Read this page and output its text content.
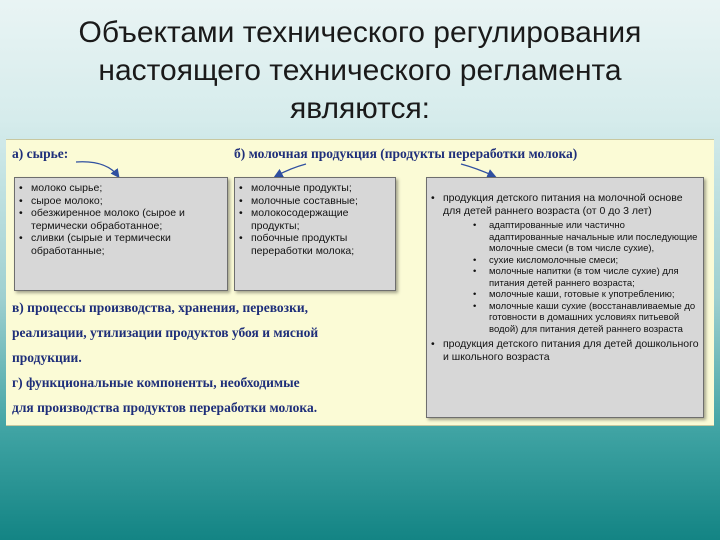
Объектами технического регулирования
настоящего технического регламента
являются:
а) сырье:	б) молочная продукция (продукты переработки молока)
• молоко сырье;
• сырое молоко;
• обезжиренное молоко (сырое и термически обработанное;
• сливки (сырые и термически обработанные;
• молочные продукты;
• молочные составные;
• молокосодержащие продукты;
• побочные продукты переработки молока;
• продукция детского питания на молочной основе для детей раннего возраста (от 0 до 3 лет)
• адаптированные или частично адаптированные начальные или последующие молочные смеси (в том числе сухие),
• сухие кисломолочные смеси;
• молочные напитки (в том числе сухие) для питания детей раннего возраста;
• молочные каши, готовые к употреблению;
• молочные каши сухие (восстанавливаемые до готовности в домашних условиях питьевой водой) для питания детей раннего возраста
• продукция детского питания для детей дошкольного и школьного возраста
в) процессы производства, хранения, перевозки,
реализации, утилизации продуктов убоя и мясной
продукции.
г) функциональные компоненты, необходимые
для производства продуктов переработки молока.
